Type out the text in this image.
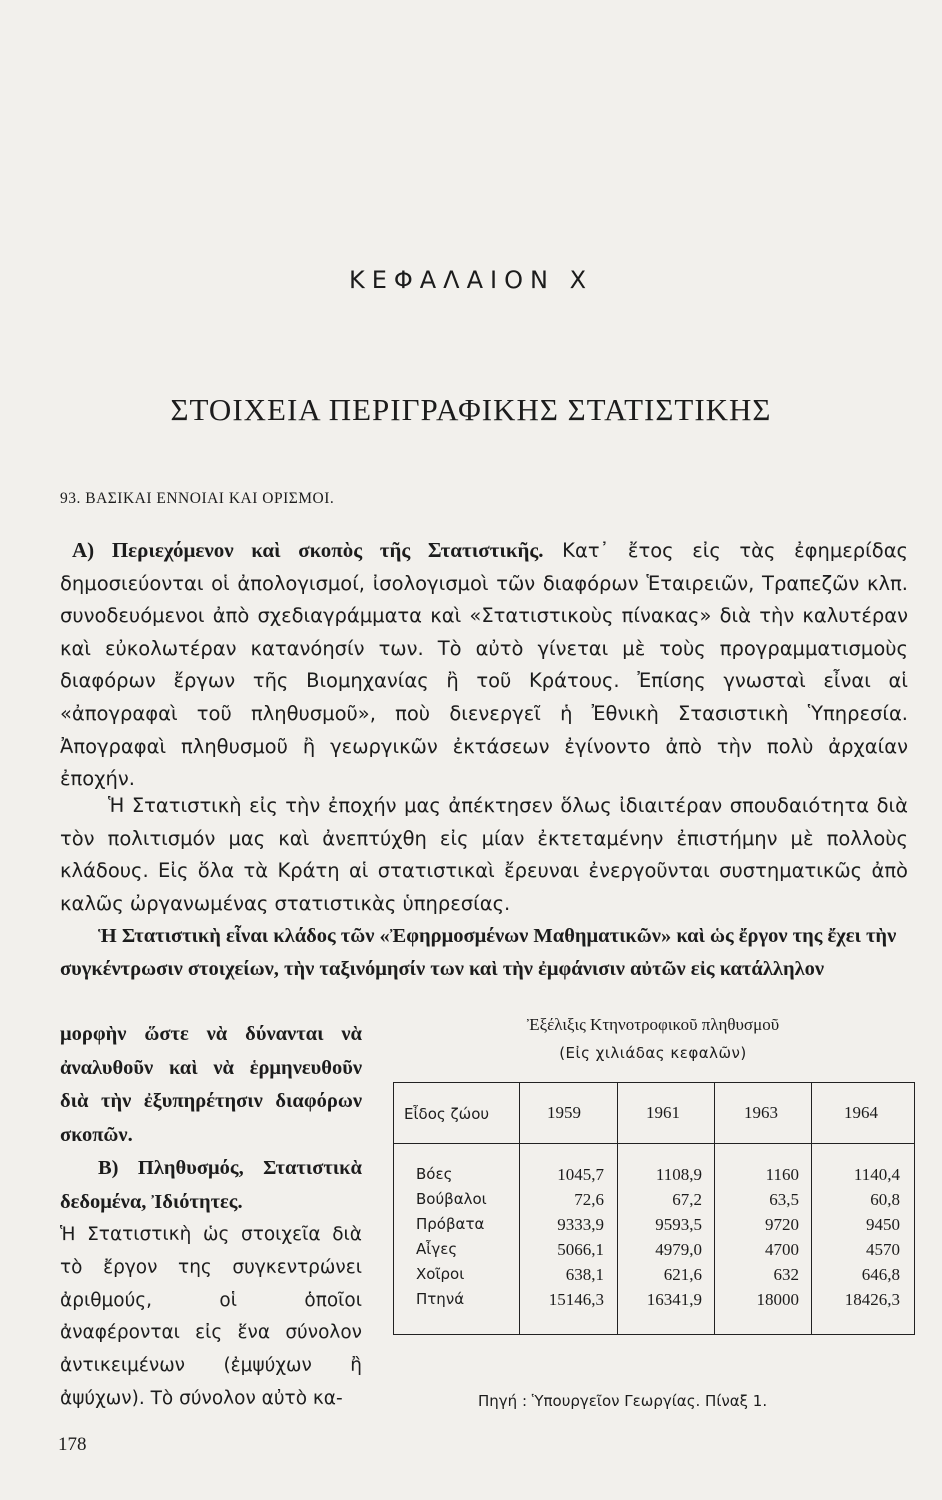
ΚΕΦΑΛΑΙΟΝ Χ
ΣΤΟΙΧΕΙΑ ΠΕΡΙΓΡΑΦΙΚΗΣ ΣΤΑΤΙΣΤΙΚΗΣ
93. ΒΑΣΙΚΑΙ ΕΝΝΟΙΑΙ ΚΑΙ ΟΡΙΣΜΟΙ.
Α) Περιεχόμενον καὶ σκοπὸς τῆς Στατιστικῆς. Κατ᾽ ἔτος εἰς τὰς ἐφημερίδας δημοσιεύονται οἱ ἀπολογισμοί, ἰσολογισμοὶ τῶν διαφόρων Ἑταιρειῶν, Τραπεζῶν κλπ. συνοδευόμενοι ἀπὸ σχεδιαγράμματα καὶ «Στατιστικοὺς πίνακας» διὰ τὴν καλυτέραν καὶ εὐκολωτέραν κατανόησίν των. Τὸ αὐτὸ γίνεται μὲ τοὺς προγραμματισμοὺς διαφόρων ἔργων τῆς Βιομηχανίας ἢ τοῦ Κράτους. Ἐπίσης γνωσταὶ εἶναι αἱ «ἀπογραφαὶ τοῦ πληθυσμοῦ», ποὺ διενεργεῖ ἡ Ἐθνικὴ Στασιστικὴ Ὑπηρεσία. Ἀπογραφαὶ πληθυσμοῦ ἢ γεωργικῶν ἐκτάσεων ἐγίνοντο ἀπὸ τὴν πολὺ ἀρχαίαν ἐποχήν.
Ἡ Στατιστικὴ εἰς τὴν ἐποχήν μας ἀπέκτησεν ὅλως ἰδιαιτέραν σπουδαιότητα διὰ τὸν πολιτισμόν μας καὶ ἀνεπτύχθη εἰς μίαν ἐκτεταμένην ἐπιστήμην μὲ πολλοὺς κλάδους. Εἰς ὅλα τὰ Κράτη αἱ στατιστικαὶ ἔρευναι ἐνεργοῦνται συστηματικῶς ἀπὸ καλῶς ὠργανωμένας στατιστικὰς ὑπηρεσίας.
Ἡ Στατιστικὴ εἶναι κλάδος τῶν «Ἐφηρμοσμένων Μαθηματικῶν» καὶ ὡς ἔργον της ἔχει τὴν συγκέντρωσιν στοιχείων, τὴν ταξινόμησίν των καὶ τὴν ἐμφάνισιν αὐτῶν εἰς κατάλληλον
μορφὴν ὥστε νὰ δύνανται νὰ ἀναλυθοῦν καὶ νὰ ἑρμηνευθοῦν διὰ τὴν ἐξυπηρέτησιν διαφόρων σκοπῶν.
Β) Πληθυσμός, Στατιστικὰ δεδομένα, Ἰδιότητες.
Ἡ Στατιστικὴ ὡς στοιχεῖα διὰ τὸ ἔργον της συγκεντρώνει ἀριθμούς, οἱ ὁποῖοι ἀναφέρονται εἰς ἕνα σύνολον ἀντικειμένων (ἐμψύχων ἢ ἀψύχων). Τὸ σύνολον αὐτὸ κα-
Ἐξέλιξις Κτηνοτροφικοῦ πληθυσμοῦ
(Εἰς χιλιάδας κεφαλῶν)
Εἶδος ζώου	1959	1961	1963	1964
Βόες	1045,7	1108,9	1160	1140,4
Βούβαλοι	72,6	67,2	63,5	60,8
Πρόβατα	9333,9	9593,5	9720	9450
Αἶγες	5066,1	4979,0	4700	4570
Χοῖροι	638,1	621,6	632	646,8
Πτηνά	15146,3	16341,9	18000	18426,3
Πηγή : Ὑπουργεῖον Γεωργίας. Πίναξ 1.
178
